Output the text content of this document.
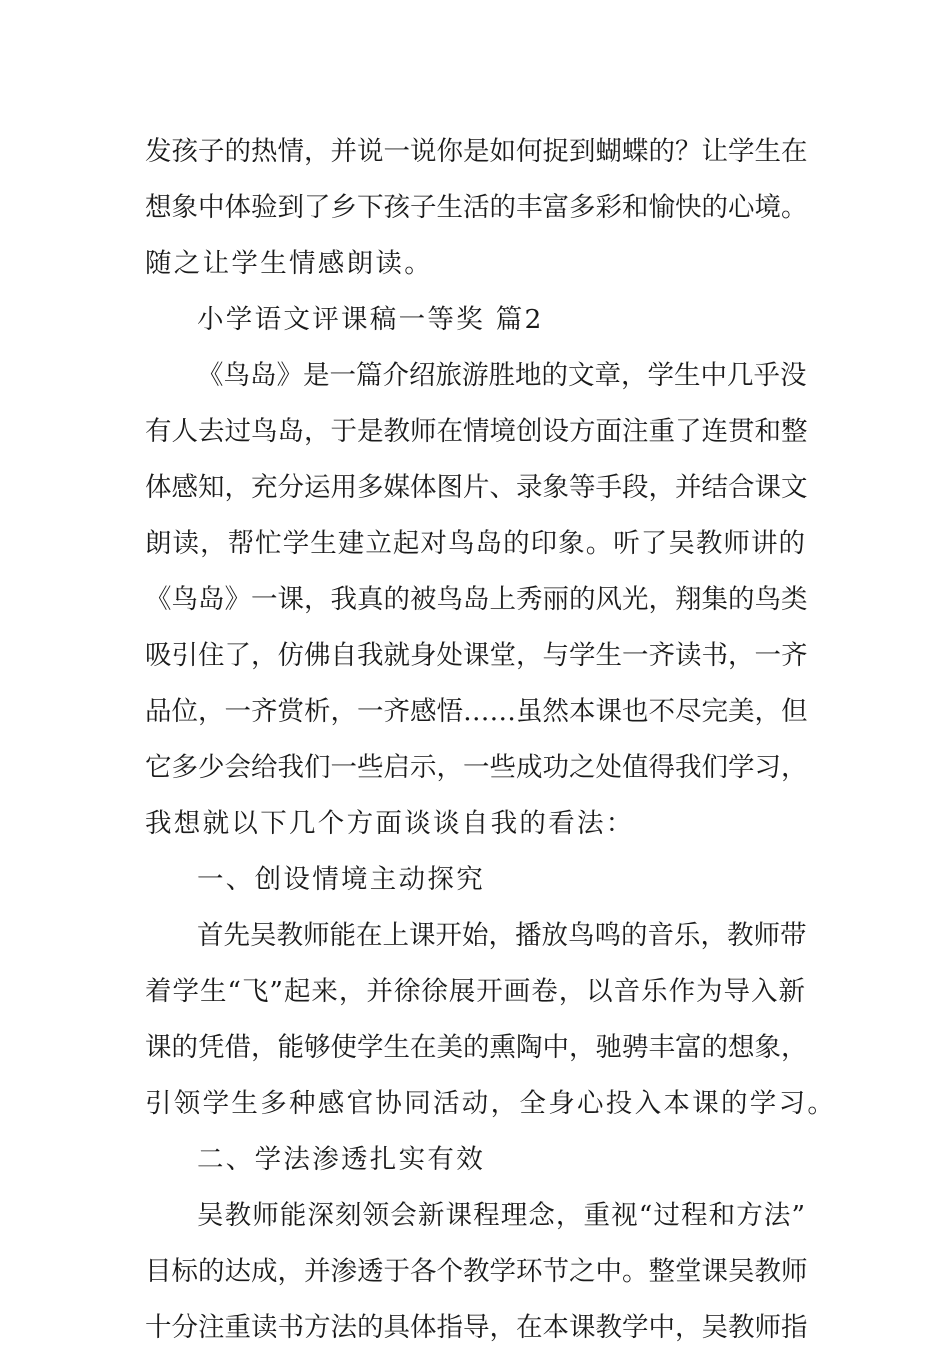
发孩子的热情，并说一说你是如何捉到蝴蝶的？让学生在
想象中体验到了乡下孩子生活的丰富多彩和愉快的心境。
随之让学生情感朗读。
小学语文评课稿一等奖 篇2
《鸟岛》是一篇介绍旅游胜地的文章，学生中几乎没
有人去过鸟岛，于是教师在情境创设方面注重了连贯和整
体感知，充分运用多媒体图片、录象等手段，并结合课文
朗读，帮忙学生建立起对鸟岛的印象。听了吴教师讲的
《鸟岛》一课，我真的被鸟岛上秀丽的风光，翔集的鸟类
吸引住了，仿佛自我就身处课堂，与学生一齐读书，一齐
品位，一齐赏析，一齐感悟……虽然本课也不尽完美，但
它多少会给我们一些启示，一些成功之处值得我们学习，
我想就以下几个方面谈谈自我的看法：
一、创设情境主动探究
首先吴教师能在上课开始，播放鸟鸣的音乐，教师带
着学生“飞”起来，并徐徐展开画卷，以音乐作为导入新
课的凭借，能够使学生在美的熏陶中，驰骋丰富的想象，
引领学生多种感官协同活动，全身心投入本课的学习。
二、学法渗透扎实有效
吴教师能深刻领会新课程理念，重视“过程和方法”
目标的达成，并渗透于各个教学环节之中。整堂课吴教师
十分注重读书方法的具体指导，在本课教学中，吴教师指
